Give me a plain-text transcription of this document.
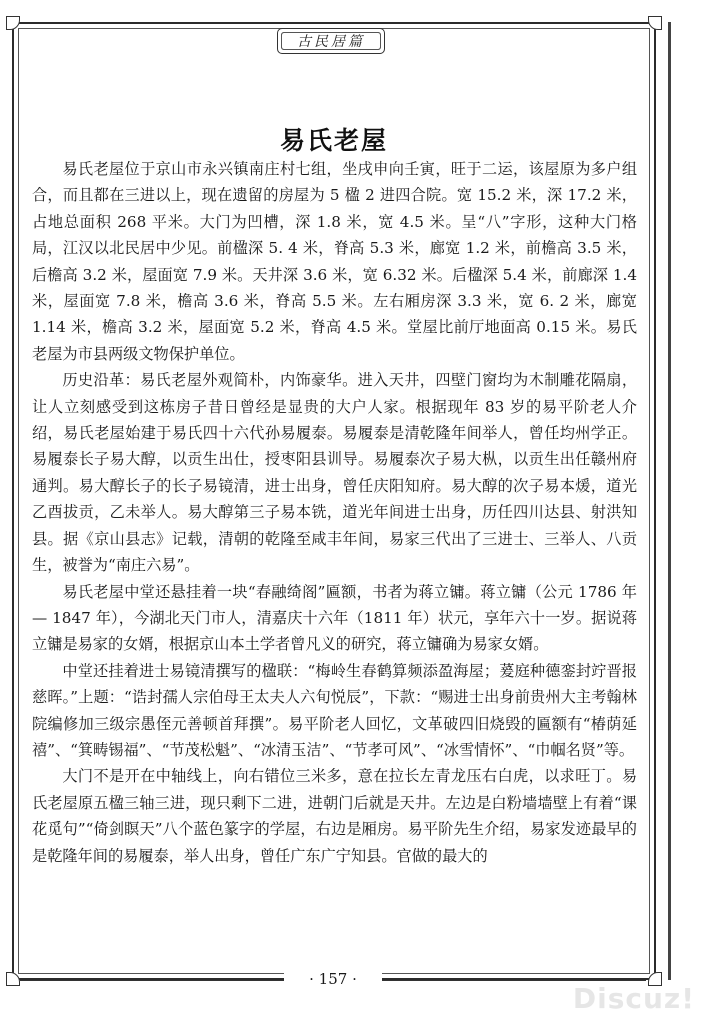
古民居篇
易氏老屋

易氏老屋位于京山市永兴镇南庄村七组，坐戌申向壬寅，旺于二运，该屋原为多户组合，而且都在三进以上，现在遗留的房屋为 5 楹 2 进四合院。宽 15.2 米，深 17.2 米，占地总面积 268 平米。大门为凹槽，深 1.8 米，宽 4.5 米。呈“八”字形，这种大门格局，江汉以北民居中少见。前楹深 5. 4 米，脊高 5.3 米，廊宽 1.2 米，前檐高 3.5 米，后檐高 3.2 米，屋面宽 7.9 米。天井深 3.6 米，宽 6.32 米。后楹深 5.4 米，前廊深 1.4 米，屋面宽 7.8 米，檐高 3.6 米，脊高 5.5 米。左右厢房深 3.3 米，宽 6. 2 米，廊宽 1.14 米，檐高 3.2 米，屋面宽 5.2 米，脊高 4.5 米。堂屋比前厅地面高 0.15 米。易氏老屋为市县两级文物保护单位。

历史沿革：易氏老屋外观简朴，内饰豪华。进入天井，四壁门窗均为木制雕花隔扇，让人立刻感受到这栋房子昔日曾经是显贵的大户人家。根据现年 83 岁的易平阶老人介绍，易氏老屋始建于易氏四十六代孙易履泰。易履泰是清乾隆年间举人，曾任均州学正。易履泰长子易大醇，以贡生出仕，授枣阳县训导。易履泰次子易大枞，以贡生出任赣州府通判。易大醇长子的长子易镜清，进士出身，曾任庆阳知府。易大醇的次子易本煖，道光乙酉拔贡，乙未举人。易大醇第三子易本铣，道光年间进士出身，历任四川达县、射洪知县。据《京山县志》记载，清朝的乾隆至咸丰年间，易家三代出了三进士、三举人、八贡生，被誉为“南庄六易”。

易氏老屋中堂还悬挂着一块“春融绮阁”匾额，书者为蒋立镛。蒋立镛（公元 1786 年— 1847 年），今湖北天门市人，清嘉庆十六年（1811 年）状元，享年六十一岁。据说蒋立镛是易家的女婿，根据京山本土学者曾凡义的研究，蒋立镛确为易家女婿。

中堂还挂着进士易镜清撰写的楹联：“梅岭生春鹤算频添盈海屋；萲庭种德銮封竚晋报慈晖。”上题：“诰封孺人宗伯母王太夫人六旬悦辰”，下款：“赐进士出身前贵州大主考翰林院编修加三级宗愚侄元善顿首拜撰”。易平阶老人回忆，文革破四旧烧毁的匾额有“椿荫延禧”、“箕畴锡福”、“节茂松魁”、“冰清玉洁”、“节孝可风”、“冰雪情怀”、“巾帼名贤”等。

大门不是开在中轴线上，向右错位三米多，意在拉长左青龙压右白虎，以求旺丁。易氏老屋原五楹三轴三进，现只剩下二进，进朝门后就是天井。左边是白粉墙墙壁上有着“课花觅句”“倚剑瞑天”八个蓝色篆字的学屋，右边是厢房。易平阶先生介绍，易家发迹最早的是乾隆年间的易履泰，举人出身，曾任广东广宁知县。官做的最大的

· 157 ·
Discuz!
